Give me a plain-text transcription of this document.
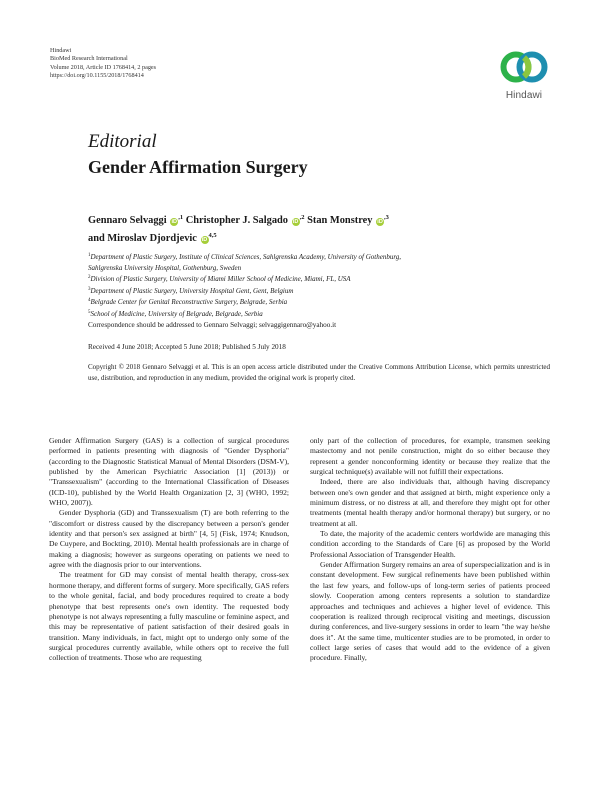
Hindawi
BioMed Research International
Volume 2018, Article ID 1768414, 2 pages
https://doi.org/10.1155/2018/1768414
Hindawi
Editorial
Gender Affirmation Surgery
Gennaro Selvaggi $iD^{,1}$ Christopher J. Salgado $iD^{,2}$ Stan Monstrey $iD^{,3}$
and Miroslav Djordjevic iD$^{4,5}$
$^1$Department of Plastic Surgery, Institute of Clinical Sciences, Sahlgrenska Academy, University of Gothenburg,
Sahlgrenska University Hospital, Gothenburg, Sweden
$^2$Division of Plastic Surgery, University of Miami Miller School of Medicine, Miami, FL, USA
$^3$Department of Plastic Surgery, University Hospital Gent, Gent, Belgium
$^4$Belgrade Center for Genital Reconstructive Surgery, Belgrade, Serbia
$^5$School of Medicine, University of Belgrade, Belgrade, Serbia
Correspondence should be addressed to Gennaro Selvaggi; selvaggigennaro@yahoo.it
Received 4 June 2018; Accepted 5 June 2018; Published 5 July 2018
Copyright © 2018 Gennaro Selvaggi et al. This is an open access article distributed under the Creative Commons Attribution License, which permits unrestricted use, distribution, and reproduction in any medium, provided the original work is properly cited.

Gender Affirmation Surgery (GAS) is a collection of surgical procedures performed in patients presenting with diagnosis of "Gender Dysphoria" (according to the Diagnostic Statistical Manual of Mental Disorders (DSM-V), published by the American Psychiatric Association [1] (2013)) or "Transsexualism" (according to the International Classification of Diseases (ICD-10), published by the World Health Organization [2, 3] (WHO, 1992; WHO, 2007)).

Gender Dysphoria (GD) and Transsexualism (T) are both referring to the "discomfort or distress caused by the discrepancy between a person's gender identity and that person's sex assigned at birth" [4, 5] (Fisk, 1974; Knudson, De Cuypere, and Bockting, 2010). Mental health professionals are in charge of making a diagnosis; however as surgeons operating on patients we need to agree with the diagnosis prior to our interventions.

The treatment for GD may consist of mental health therapy, cross-sex hormone therapy, and different forms of surgery. More specifically, GAS refers to the whole genital, facial, and body procedures required to create a body phenotype that best represents one's own identity. The requested body phenotype is not always representing a fully masculine or feminine aspect, and this may be representative of patient satisfaction of their desired goals in transition. Many individuals, in fact, might opt to undergo only some of the surgical procedures currently available, while others opt to receive the full collection of treatments. Those who are requesting

only part of the collection of procedures, for example, transmen seeking mastectomy and not penile construction, might do so either because they represent a gender nonconforming identity or because they realize that the surgical technique(s) available will not fulfill their expectations.

Indeed, there are also individuals that, although having discrepancy between one's own gender and that assigned at birth, might experience only a minimum distress, or no distress at all, and therefore they might opt for other treatments (mental health therapy and/or hormonal therapy) but surgery, or no treatment at all.

To date, the majority of the academic centers worldwide are managing this condition according to the Standards of Care [6] as proposed by the World Professional Association of Transgender Health.

Gender Affirmation Surgery remains an area of superspecialization and is in constant development. Few surgical refinements have been published within the last few years, and follow-ups of long-term series of patients proceed slowly. Cooperation among centers represents a solution to standardize approaches and techniques and achieves a higher level of evidence. This cooperation is realized through reciprocal visiting and meetings, discussion during conferences, and live-surgery sessions in order to learn "the way he/she does it". At the same time, multicenter studies are to be promoted, in order to collect large series of cases that would add to the evidence of a given procedure. Finally,
